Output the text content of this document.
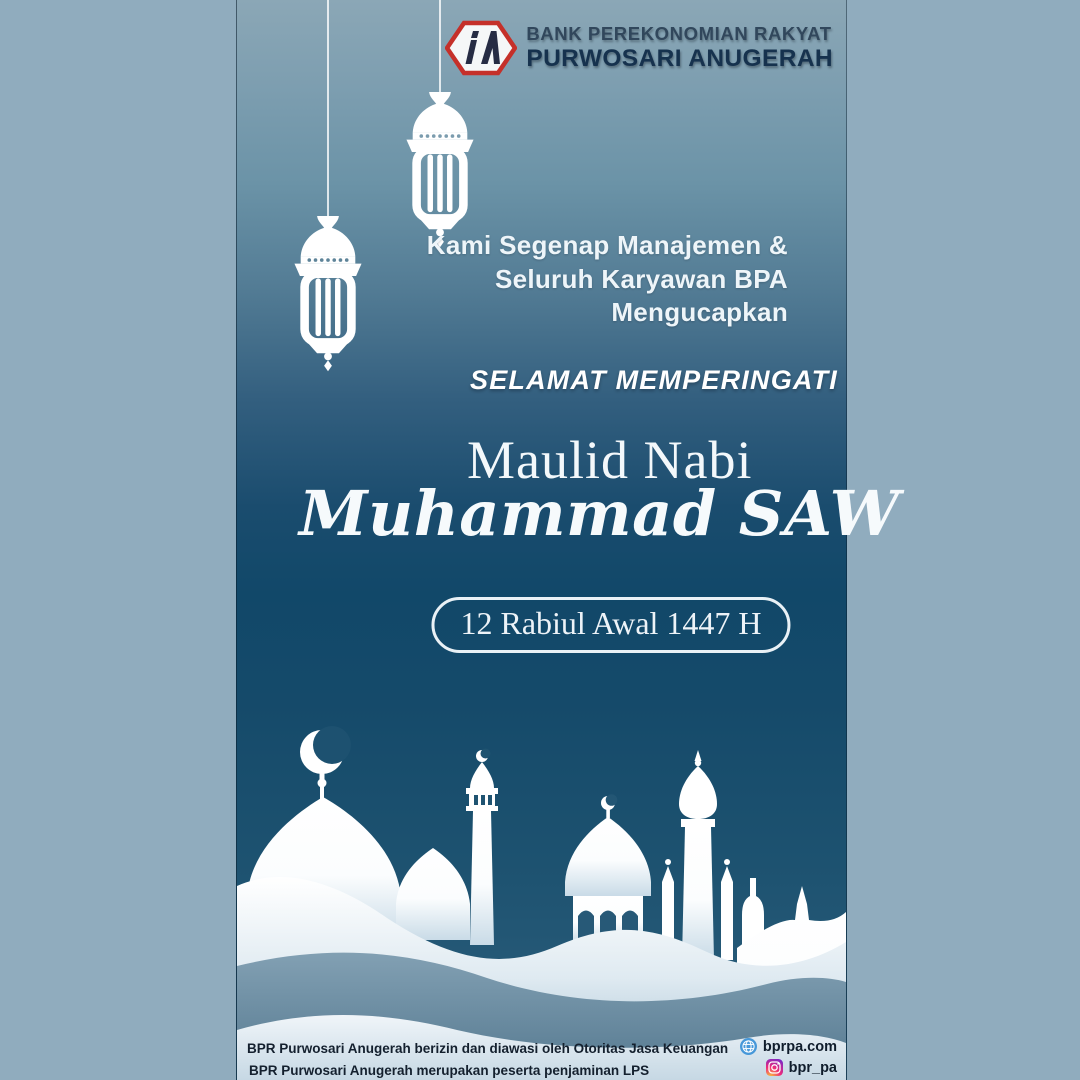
BANK PEREKONOMIAN RAKYAT
PURWOSARI ANUGERAH
Kami Segenap Manajemen &
Seluruh Karyawan BPA
Mengucapkan
SELAMAT MEMPERINGATI
Maulid Nabi
Muhammad SAW
12 Rabiul Awal 1447 H
BPR Purwosari Anugerah berizin dan diawasi oleh Otoritas Jasa Keuangan
BPR Purwosari Anugerah merupakan peserta penjaminan LPS
bprpa.com
bpr_pa
